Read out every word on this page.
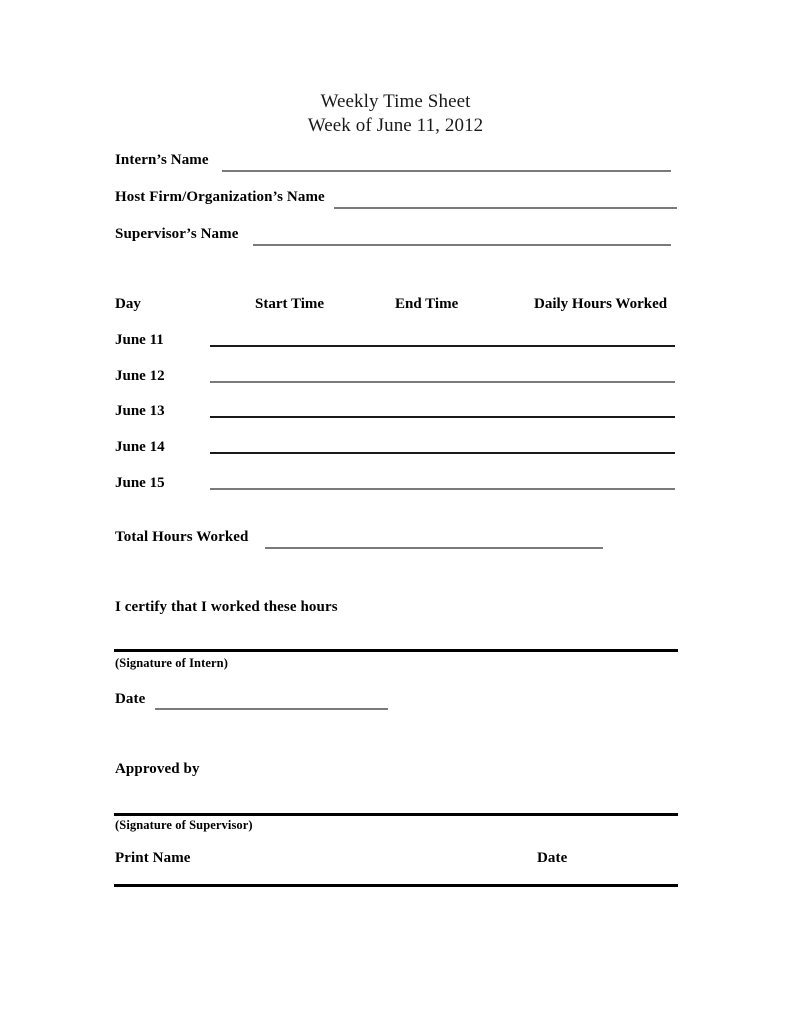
Weekly Time Sheet
Week of June 11, 2012
Intern’s Name
Host Firm/Organization’s Name
Supervisor’s Name
Day	Start Time	End Time	Daily Hours Worked
June 11
June 12
June 13
June 14
June 15
Total Hours Worked
I certify that I worked these hours
(Signature of Intern)
Date
Approved by
(Signature of Supervisor)
Print Name	Date
